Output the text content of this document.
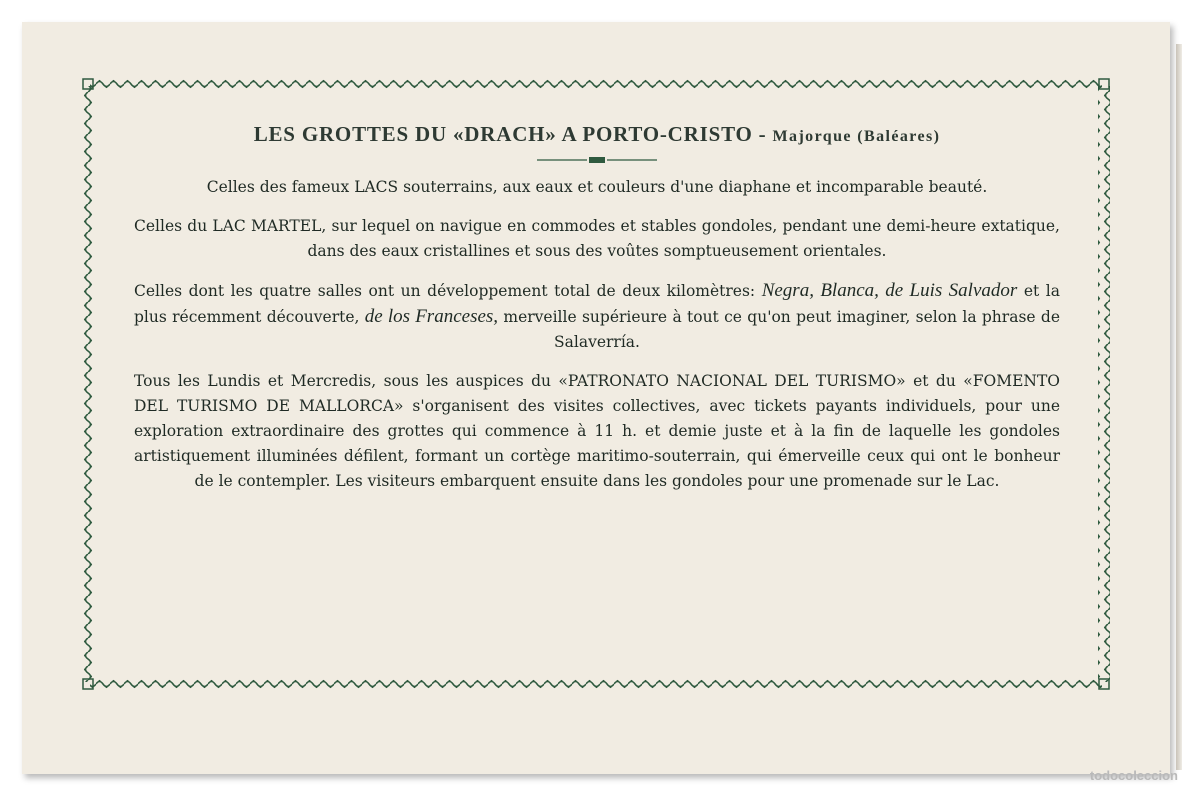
LES GROTTES DU «DRACH» A PORTO-CRISTO - Majorque (Baléares)

Celles des fameux LACS souterrains, aux eaux et couleurs d'une diaphane et incomparable beauté.

Celles du LAC MARTEL, sur lequel on navigue en commodes et stables gondoles, pendant une demi-heure extatique, dans des eaux cristallines et sous des voûtes somptueusement orientales.

Celles dont les quatre salles ont un développement total de deux kilomètres: Negra, Blanca, de Luis Salvador et la plus récemment découverte, de los Franceses, merveille supérieure à tout ce qu'on peut imaginer, selon la phrase de Salaverría.

Tous les Lundis et Mercredis, sous les auspices du «PATRONATO NACIONAL DEL TURISMO» et du «FOMENTO DEL TURISMO DE MALLORCA» s'organisent des visites collectives, avec tickets payants individuels, pour une exploration extraordinaire des grottes qui commence à 11 h. et demie juste et à la fin de laquelle les gondoles artistiquement illuminées défilent, formant un cortège maritimo-souterrain, qui émerveille ceux qui ont le bonheur de le contempler. Les visiteurs embarquent ensuite dans les gondoles pour une promenade sur le Lac.

todocoleccion
